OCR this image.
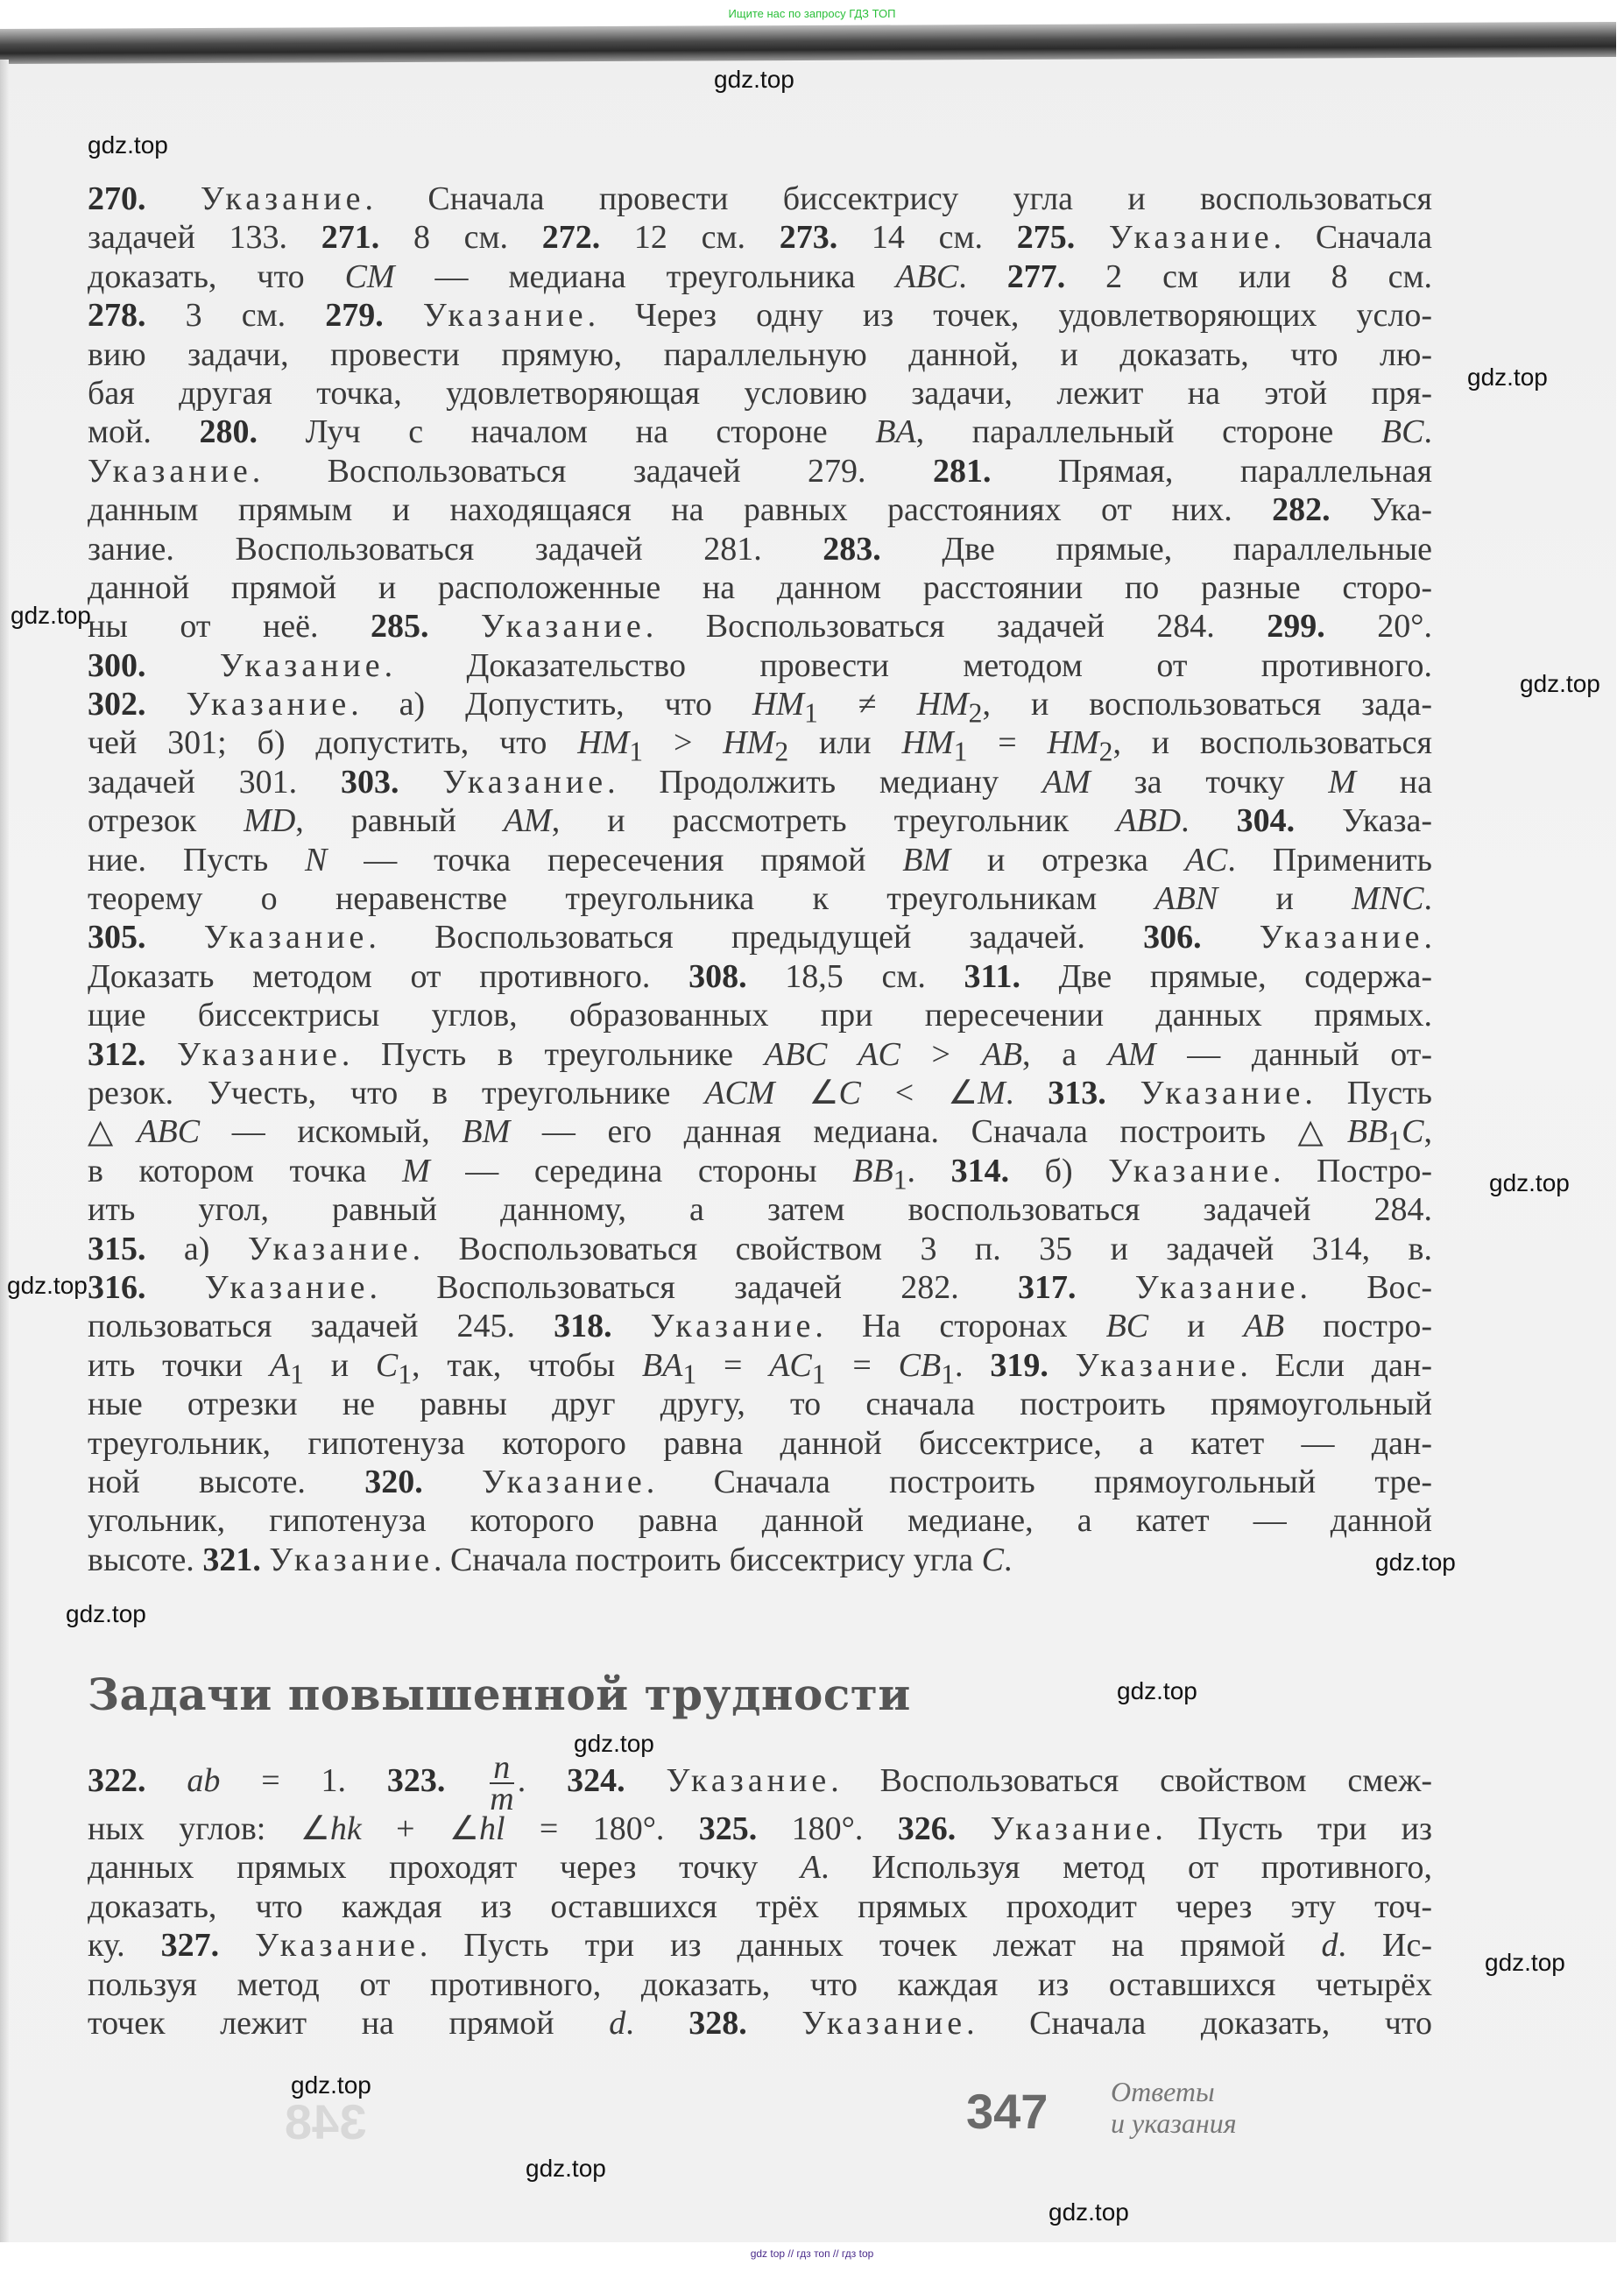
Ищите нас по запросу ГДЗ ТОП
270. Указание. Сначала провести биссектрису угла и воспользоваться
задачей 133. 271. 8 см. 272. 12 см. 273. 14 см. 275. Указание. Сначала
доказать, что CM — медиана треугольника ABC. 277. 2 см или 8 см.
278. 3 см. 279. Указание. Через одну из точек, удовлетворяющих усло-
вию задачи, провести прямую, параллельную данной, и доказать, что лю-
бая другая точка, удовлетворяющая условию задачи, лежит на этой пря-
мой. 280. Луч с началом на стороне BA, параллельный стороне BC.
Указание. Воспользоваться задачей 279. 281. Прямая, параллельная
данным прямым и находящаяся на равных расстояниях от них. 282. Ука-
зание. Воспользоваться задачей 281. 283. Две прямые, параллельные
данной прямой и расположенные на данном расстоянии по разные сторо-
ны от неё. 285. Указание. Воспользоваться задачей 284. 299. 20°.
300. Указание. Доказательство провести методом от противного.
302. Указание. а) Допустить, что $HM_1 \ne HM_2$, и воспользоваться зада-
чей 301; б) допустить, что $HM_1 > HM_2$ или $HM_1 = HM_2$, и воспользоваться
задачей 301. 303. Указание. Продолжить медиану AM за точку M на
отрезок MD, равный AM, и рассмотреть треугольник ABD. 304. Указа-
ние. Пусть N — точка пересечения прямой BM и отрезка AC. Применить
теорему о неравенстве треугольника к треугольникам ABN и MNC.
305. Указание. Воспользоваться предыдущей задачей. 306. Указание.
Доказать методом от противного. 308. 18,5 см. 311. Две прямые, содержа-
щие биссектрисы углов, образованных при пересечении данных прямых.
312. Указание. Пусть в треугольнике ABC AC > AB, а AM — данный от-
резок. Учесть, что в треугольнике ACM ∠C < ∠M. 313. Указание. Пусть
△ABC — искомый, BM — его данная медиана. Сначала построить $\triangle BB_1C$,
в котором точка M — середина стороны $BB_1$. 314. б) Указание. Постро-
ить угол, равный данному, а затем воспользоваться задачей 284.
315. а) Указание. Воспользоваться свойством 3 п. 35 и задачей 314, в.
316. Указание. Воспользоваться задачей 282. 317. Указание. Вос-
пользоваться задачей 245. 318. Указание. На сторонах BC и AB постро-
ить точки $A_1$ и $C_1$, так, чтобы $BA_1 = AC_1 = CB_1$. 319. Указание. Если дан-
ные отрезки не равны друг другу, то сначала построить прямоугольный
треугольник, гипотенуза которого равна данной биссектрисе, а катет — дан-
ной высоте. 320. Указание. Сначала построить прямоугольный тре-
угольник, гипотенуза которого равна данной медиане, а катет — данной
высоте. 321. Указание. Сначала построить биссектрису угла C.
Задачи повышенной трудности
322. ab = 1. 323. $\frac{n}{m}$ . 324. Указание. Воспользоваться свойством смеж-
ных углов: ∠hk + ∠hl = 180°. 325. 180°. 326. Указание. Пусть три из
данных прямых проходят через точку A. Используя метод от противного,
доказать, что каждая из оставшихся трёх прямых проходит через эту точ-
ку. 327. Указание. Пусть три из данных точек лежат на прямой d. Ис-
пользуя метод от противного, доказать, что каждая из оставшихся четырёх
точек лежит на прямой d. 328. Указание. Сначала доказать, что
348	347 Ответы
и указания
gdz.top
gdz.top
gdz.top
gdz.top
gdz.top
gdz.top
gdz.top
gdz.top
gdz.top
gdz.top
gdz.top
gdz.top
gdz.top
gdz.top
gdz.top
gdz top // гдз топ // гдз top
